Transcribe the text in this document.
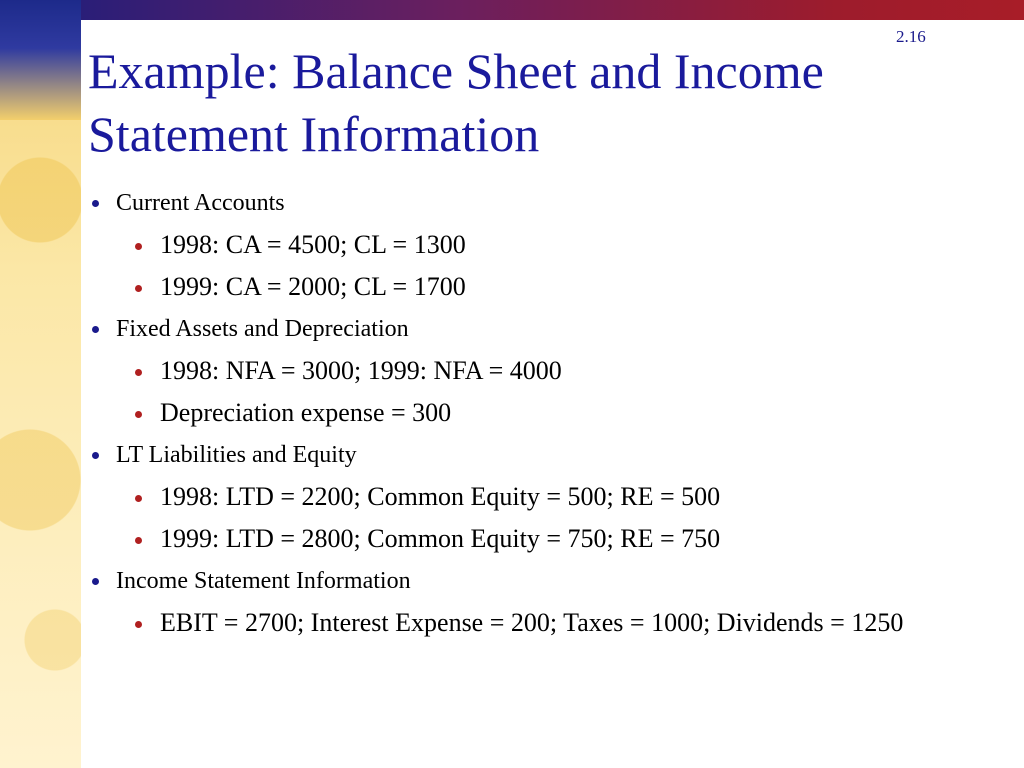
2.16
Example: Balance Sheet and Income Statement Information
Current Accounts
1998: CA = 4500; CL = 1300
1999: CA = 2000; CL = 1700
Fixed Assets and Depreciation
1998: NFA = 3000; 1999: NFA = 4000
Depreciation expense = 300
LT Liabilities and Equity
1998: LTD = 2200; Common Equity = 500; RE = 500
1999: LTD = 2800; Common Equity = 750; RE = 750
Income Statement Information
EBIT = 2700; Interest Expense = 200; Taxes = 1000; Dividends = 1250
